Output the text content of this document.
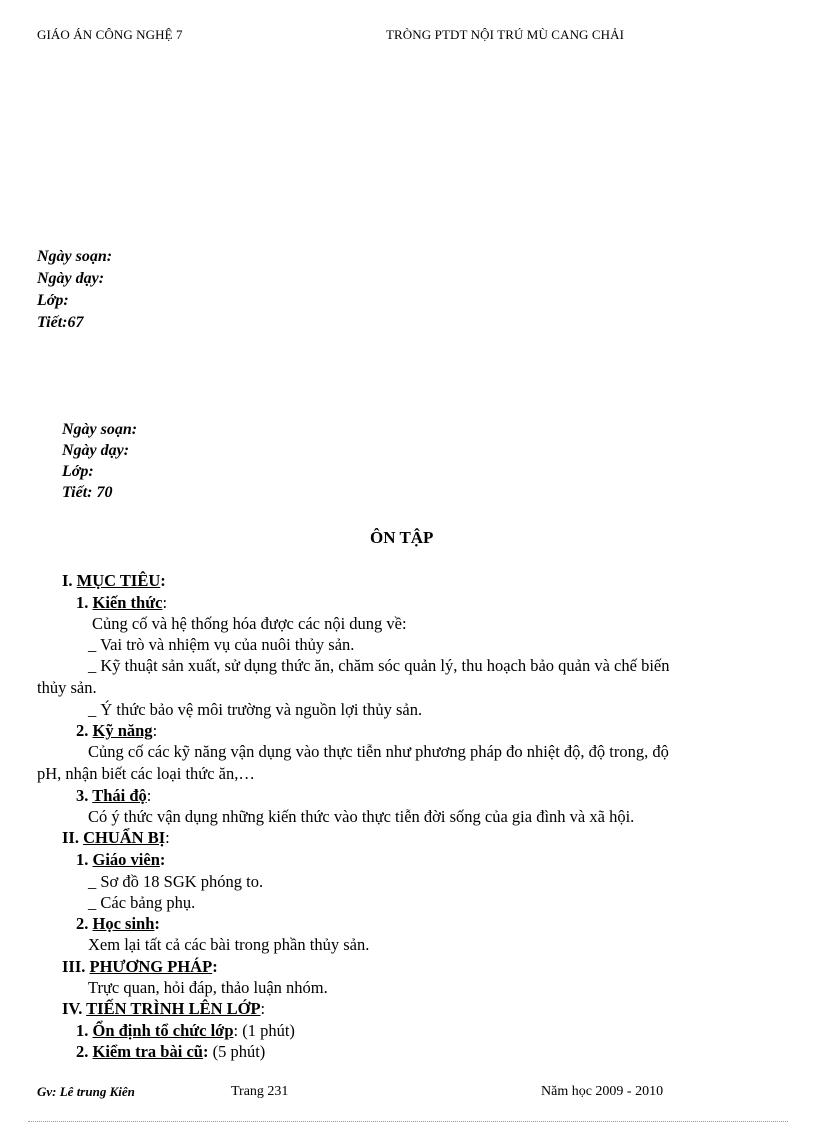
GIÁO ÁN CÔNG NGHỆ 7	TRÒNG PTDT NỘI TRÚ MÙ CANG CHẢI
Ngày soạn:
Ngày dạy:
Lớp:
Tiết:67
Ngày soạn:
Ngày dạy:
Lớp:
Tiết: 70
ÔN TẬP
I. MỤC TIÊU:
1. Kiến thức:
Củng cố và hệ thống hóa được các nội dung về:
_ Vai trò và nhiệm vụ của nuôi thủy sản.
_ Kỹ thuật sản xuất, sử dụng thức ăn, chăm sóc quản lý, thu hoạch bảo quản và chế biến
thủy sản.
_ Ý thức bảo vệ môi trường và nguồn lợi thủy sản.
2. Kỹ năng:
Củng cố các kỹ năng vận dụng vào thực tiễn như phương pháp đo nhiệt độ, độ trong, độ
pH, nhận biết các loại thức ăn,…
3. Thái độ:
Có ý thức vận dụng những kiến thức vào thực tiễn đời sống của gia đình và xã hội.
II. CHUẨN BỊ:
1. Giáo viên:
_ Sơ đồ 18 SGK phóng to.
_ Các bảng phụ.
2. Học sinh:
Xem lại tất cả các bài trong phần thủy sản.
III. PHƯƠNG PHÁP:
Trực quan, hỏi đáp, thảo luận nhóm.
IV. TIẾN TRÌNH LÊN LỚP:
1. Ổn định tổ chức lớp: (1 phút)
2. Kiểm tra bài cũ: (5 phút)
Gv: Lê trung Kiên	Trang 231	Năm học 2009 - 2010
